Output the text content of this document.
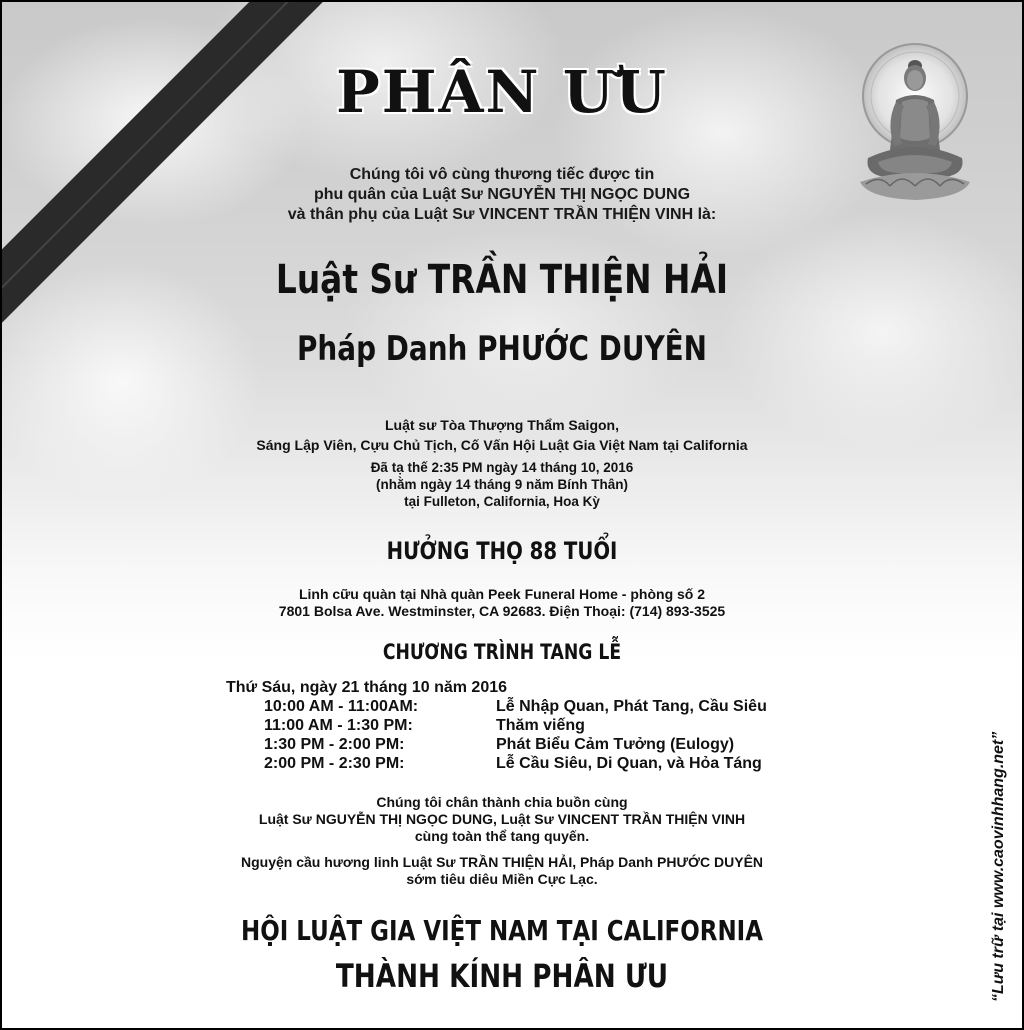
PHÂN ƯU
Chúng tôi vô cùng thương tiếc được tin
phu quân của Luật Sư NGUYỄN THỊ NGỌC DUNG
và thân phụ của Luật Sư VINCENT TRẦN THIỆN VINH là:
Luật Sư TRẦN THIỆN HẢI
Pháp Danh PHƯỚC DUYÊN
Luật sư Tòa Thượng Thẩm Saigon,
Sáng Lập Viên, Cựu Chủ Tịch, Cố Vấn Hội Luật Gia Việt Nam tại California
Đã tạ thế 2:35 PM ngày 14 tháng 10, 2016
(nhằm ngày 14 tháng 9 năm Bính Thân)
tại Fulleton, California, Hoa Kỳ
HƯỞNG THỌ 88 TUỔI
Linh cữu quàn tại Nhà quàn Peek Funeral Home - phòng số 2
7801 Bolsa Ave. Westminster, CA 92683. Điện Thoại: (714) 893-3525
CHƯƠNG TRÌNH TANG LỄ
Thứ Sáu, ngày 21 tháng 10 năm 2016
10:00 AM - 11:00AM:	Lễ Nhập Quan, Phát Tang, Cầu Siêu
11:00 AM - 1:30 PM:	Thăm viếng
1:30 PM - 2:00 PM:	Phát Biểu Cảm Tưởng (Eulogy)
2:00 PM - 2:30 PM:	Lễ Cầu Siêu, Di Quan, và Hỏa Táng
Chúng tôi chân thành chia buồn cùng
Luật Sư NGUYỄN THỊ NGỌC DUNG, Luật Sư VINCENT TRẦN THIỆN VINH
cùng toàn thể tang quyến.
Nguyện cầu hương linh Luật Sư TRẦN THIỆN HẢI, Pháp Danh PHƯỚC DUYÊN
sớm tiêu diêu Miền Cực Lạc.
HỘI LUẬT GIA VIỆT NAM TẠI CALIFORNIA
THÀNH KÍNH PHÂN ƯU	“Lưu trữ tại www.caovinhhang.net”
